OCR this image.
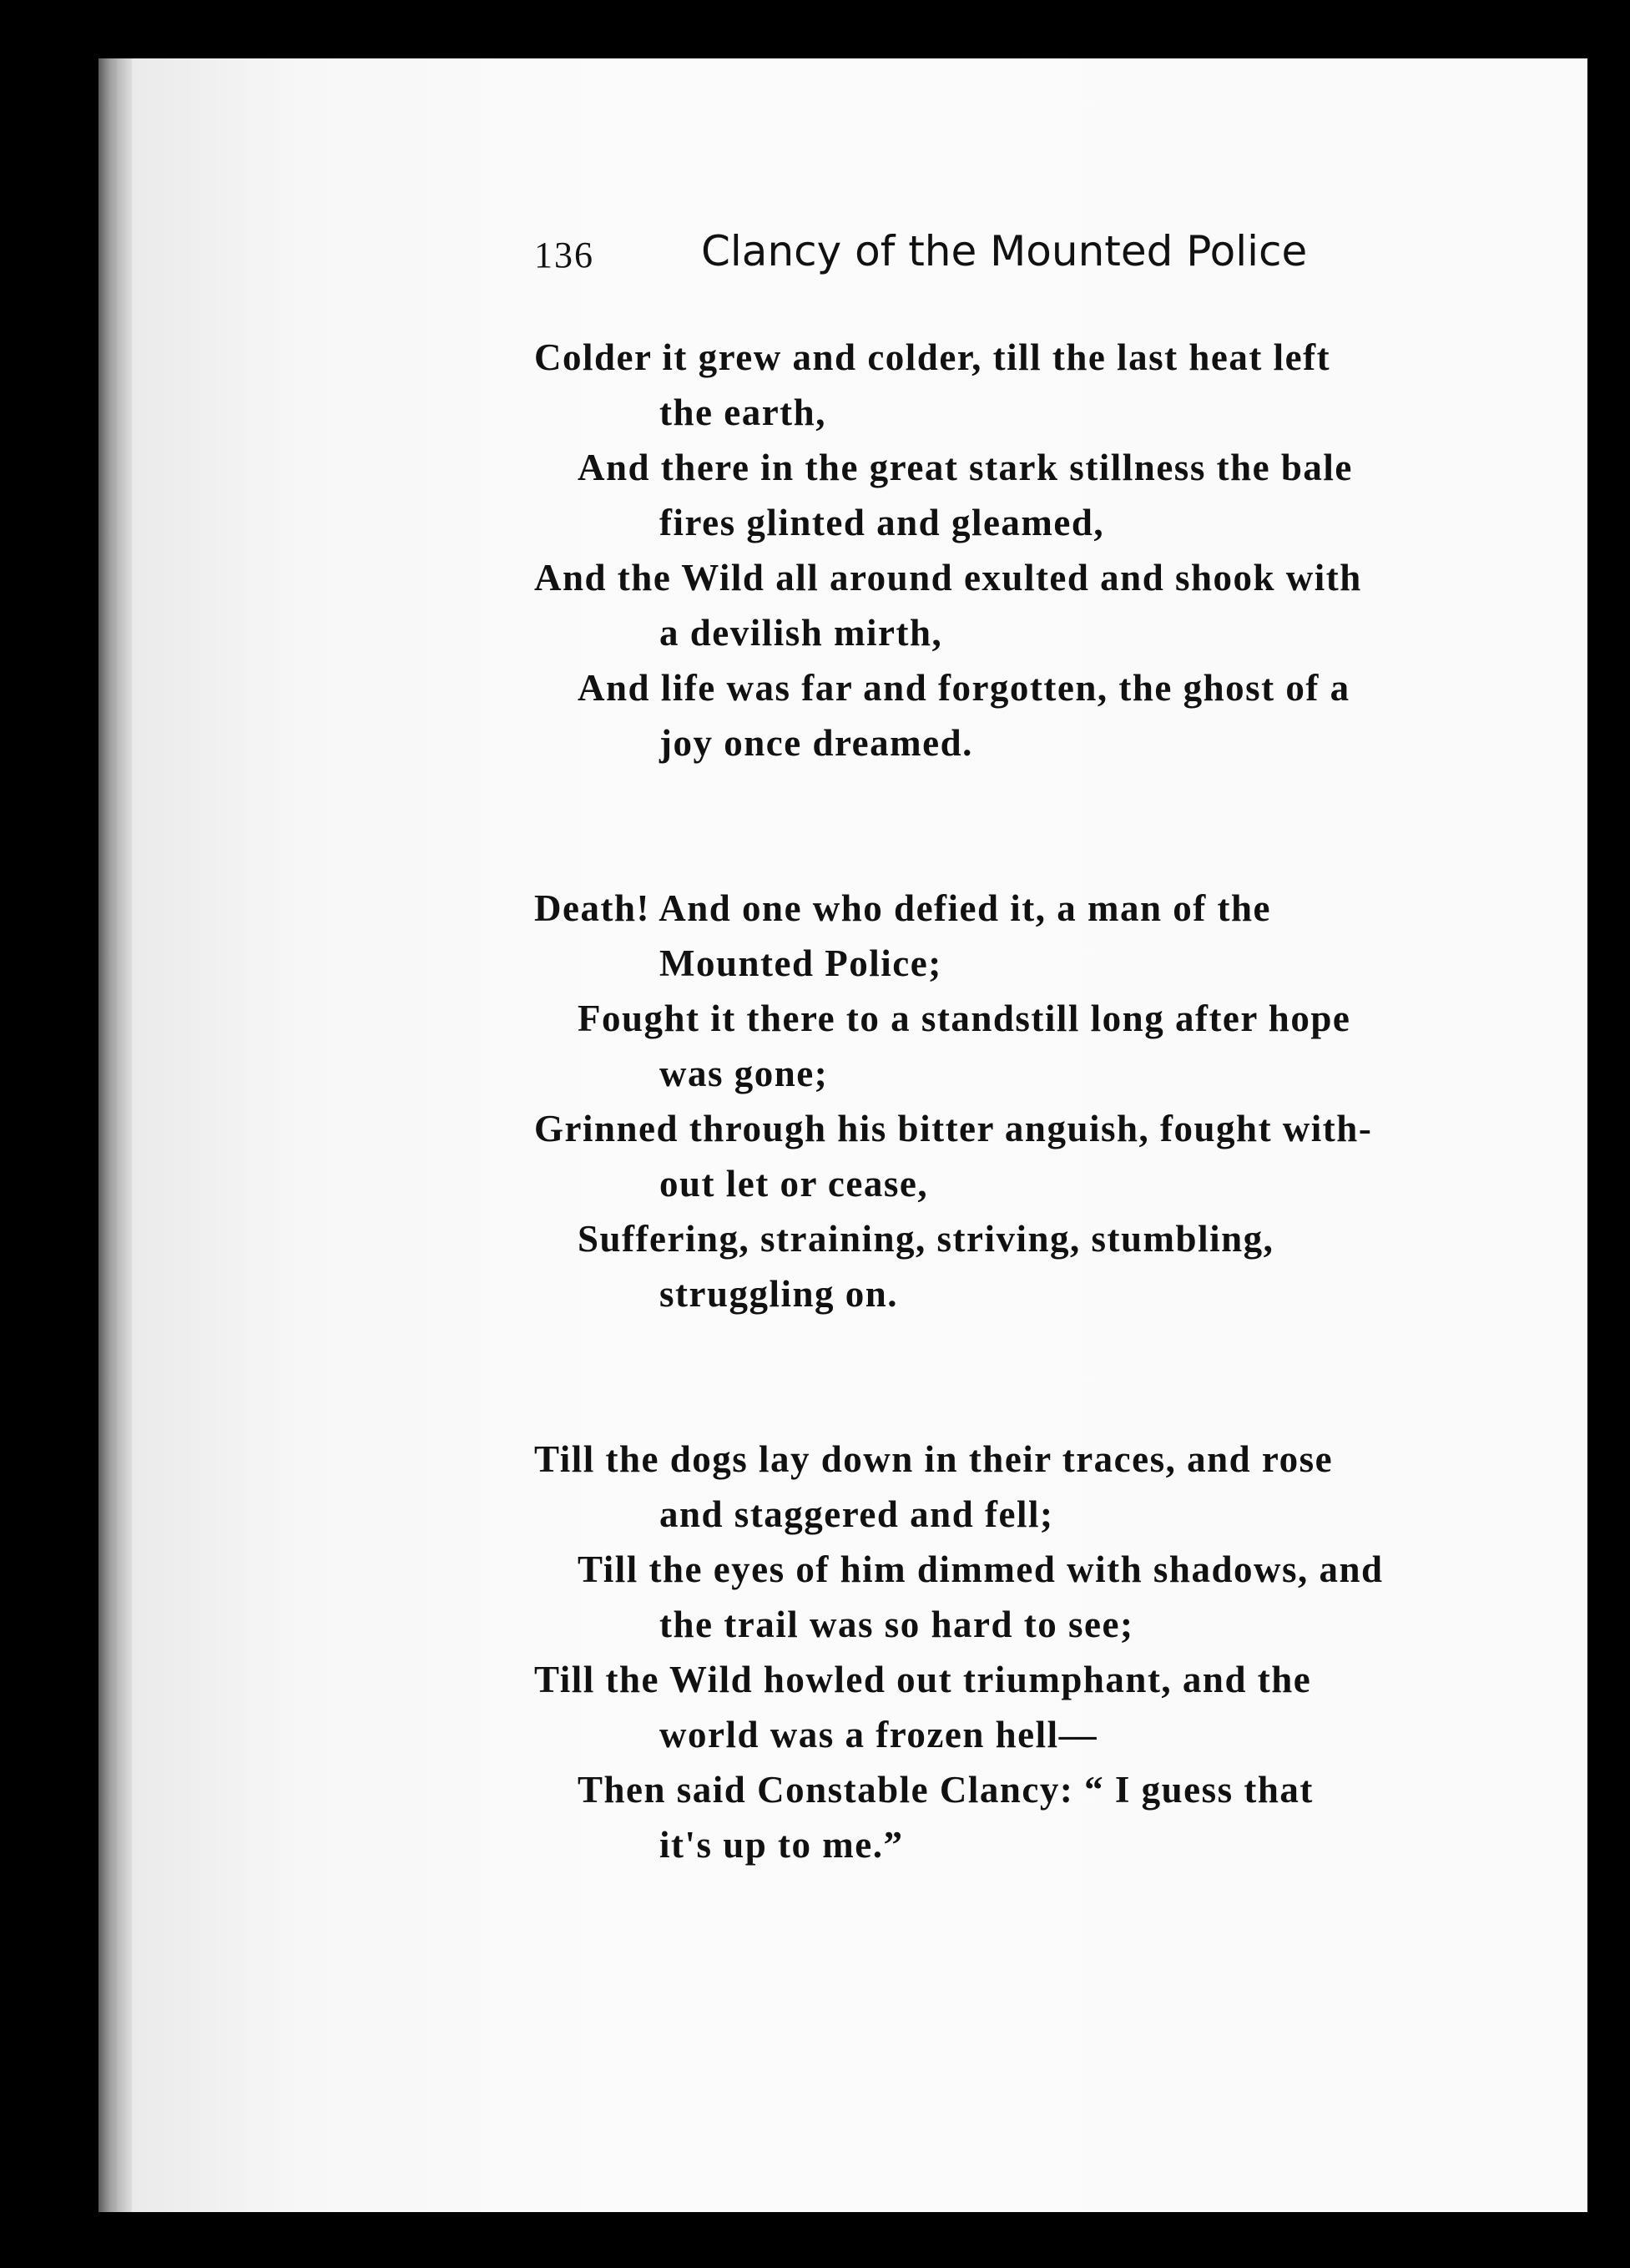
136	Clancy of the Mounted Police
Colder it grew and colder, till the last heat left
the earth,
And there in the great stark stillness the bale
fires glinted and gleamed,
And the Wild all around exulted and shook with
a devilish mirth,
And life was far and forgotten, the ghost of a
joy once dreamed.
Death! And one who defied it, a man of the
Mounted Police;
Fought it there to a standstill long after hope
was gone;
Grinned through his bitter anguish, fought with-
out let or cease,
Suffering, straining, striving, stumbling,
struggling on.
Till the dogs lay down in their traces, and rose
and staggered and fell;
Till the eyes of him dimmed with shadows, and
the trail was so hard to see;
Till the Wild howled out triumphant, and the
world was a frozen hell—
Then said Constable Clancy: “ I guess that
it's up to me.”
